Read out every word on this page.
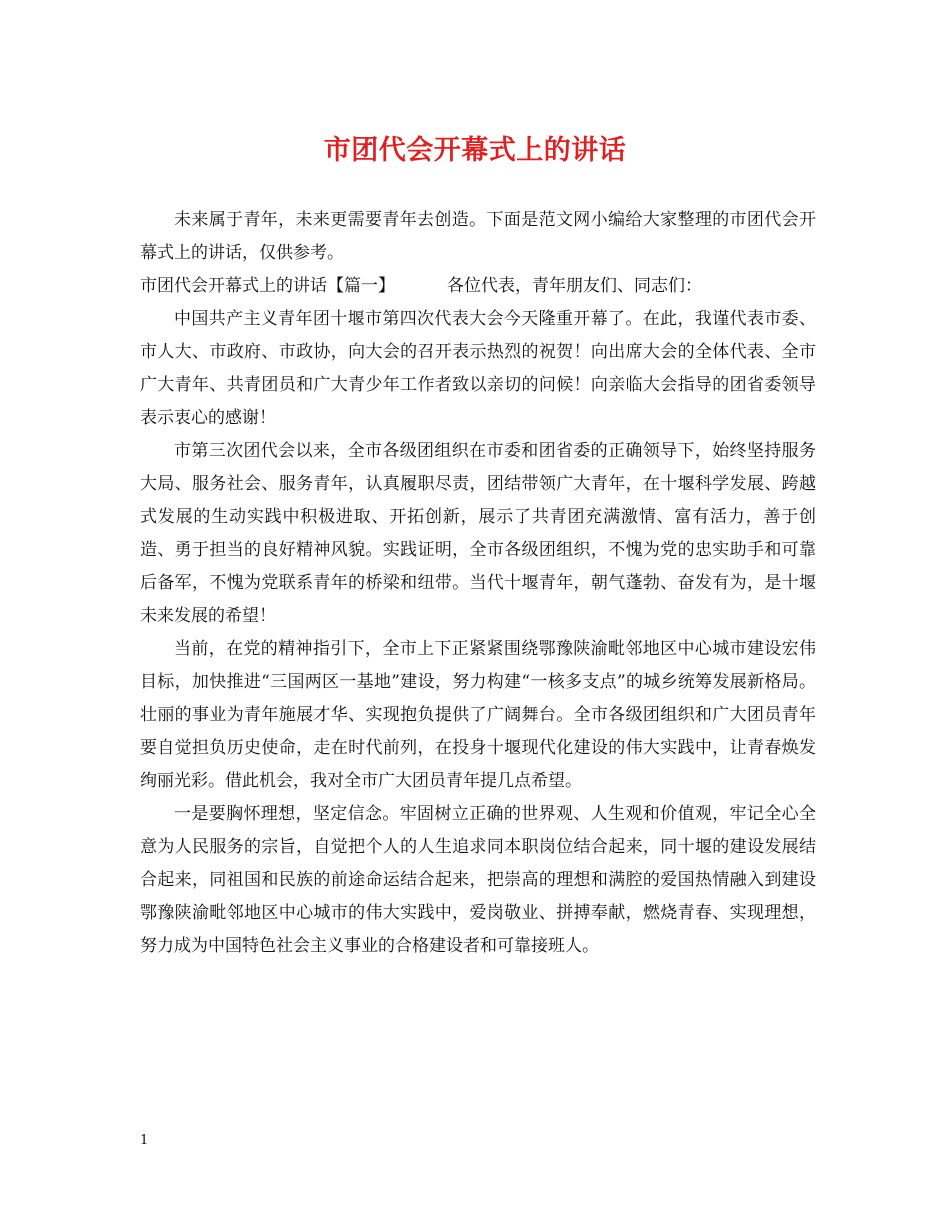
市团代会开幕式上的讲话

未来属于青年，未来更需要青年去创造。下面是范文网小编给大家整理的市团代会开幕式上的讲话，仅供参考。

市团代会开幕式上的讲话【篇一】	各位代表，青年朋友们、同志们：

中国共产主义青年团十堰市第四次代表大会今天隆重开幕了。在此，我谨代表市委、市人大、市政府、市政协，向大会的召开表示热烈的祝贺！向出席大会的全体代表、全市广大青年、共青团员和广大青少年工作者致以亲切的问候！向亲临大会指导的团省委领导表示衷心的感谢！

市第三次团代会以来，全市各级团组织在市委和团省委的正确领导下，始终坚持服务大局、服务社会、服务青年，认真履职尽责，团结带领广大青年，在十堰科学发展、跨越式发展的生动实践中积极进取、开拓创新，展示了共青团充满激情、富有活力，善于创造、勇于担当的良好精神风貌。实践证明，全市各级团组织，不愧为党的忠实助手和可靠后备军，不愧为党联系青年的桥梁和纽带。当代十堰青年，朝气蓬勃、奋发有为，是十堰未来发展的希望！

当前，在党的精神指引下，全市上下正紧紧围绕鄂豫陕渝毗邻地区中心城市建设宏伟目标，加快推进“三国两区一基地”建设，努力构建“一核多支点”的城乡统筹发展新格局。壮丽的事业为青年施展才华、实现抱负提供了广阔舞台。全市各级团组织和广大团员青年要自觉担负历史使命，走在时代前列，在投身十堰现代化建设的伟大实践中，让青春焕发绚丽光彩。借此机会，我对全市广大团员青年提几点希望。

一是要胸怀理想，坚定信念。牢固树立正确的世界观、人生观和价值观，牢记全心全意为人民服务的宗旨，自觉把个人的人生追求同本职岗位结合起来，同十堰的建设发展结合起来，同祖国和民族的前途命运结合起来，把崇高的理想和满腔的爱国热情融入到建设鄂豫陕渝毗邻地区中心城市的伟大实践中，爱岗敬业、拼搏奉献，燃烧青春、实现理想，努力成为中国特色社会主义事业的合格建设者和可靠接班人。

1
